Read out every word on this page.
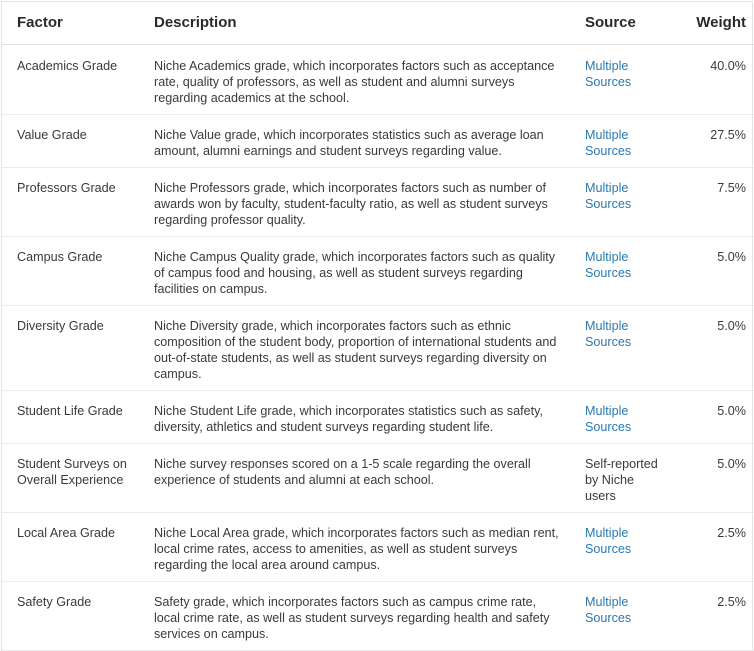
Factor	Description	Source	Weight
Academics Grade	Niche Academics grade, which incorporates factors such as acceptance rate, quality of professors, as well as student and alumni surveys regarding academics at the school.	Multiple Sources	40.0%
Value Grade	Niche Value grade, which incorporates statistics such as average loan amount, alumni earnings and student surveys regarding value.	Multiple Sources	27.5%
Professors Grade	Niche Professors grade, which incorporates factors such as number of awards won by faculty, student-faculty ratio, as well as student surveys regarding professor quality.	Multiple Sources	7.5%
Campus Grade	Niche Campus Quality grade, which incorporates factors such as quality of campus food and housing, as well as student surveys regarding facilities on campus.	Multiple Sources	5.0%
Diversity Grade	Niche Diversity grade, which incorporates factors such as ethnic composition of the student body, proportion of international students and out-of-state students, as well as student surveys regarding diversity on campus.	Multiple Sources	5.0%
Student Life Grade	Niche Student Life grade, which incorporates statistics such as safety, diversity, athletics and student surveys regarding student life.	Multiple Sources	5.0%
Student Surveys on Overall Experience	Niche survey responses scored on a 1-5 scale regarding the overall experience of students and alumni at each school.	Self-reported by Niche users	5.0%
Local Area Grade	Niche Local Area grade, which incorporates factors such as median rent, local crime rates, access to amenities, as well as student surveys regarding the local area around campus.	Multiple Sources	2.5%
Safety Grade	Safety grade, which incorporates factors such as campus crime rate, local crime rate, as well as student surveys regarding health and safety services on campus.	Multiple Sources	2.5%
